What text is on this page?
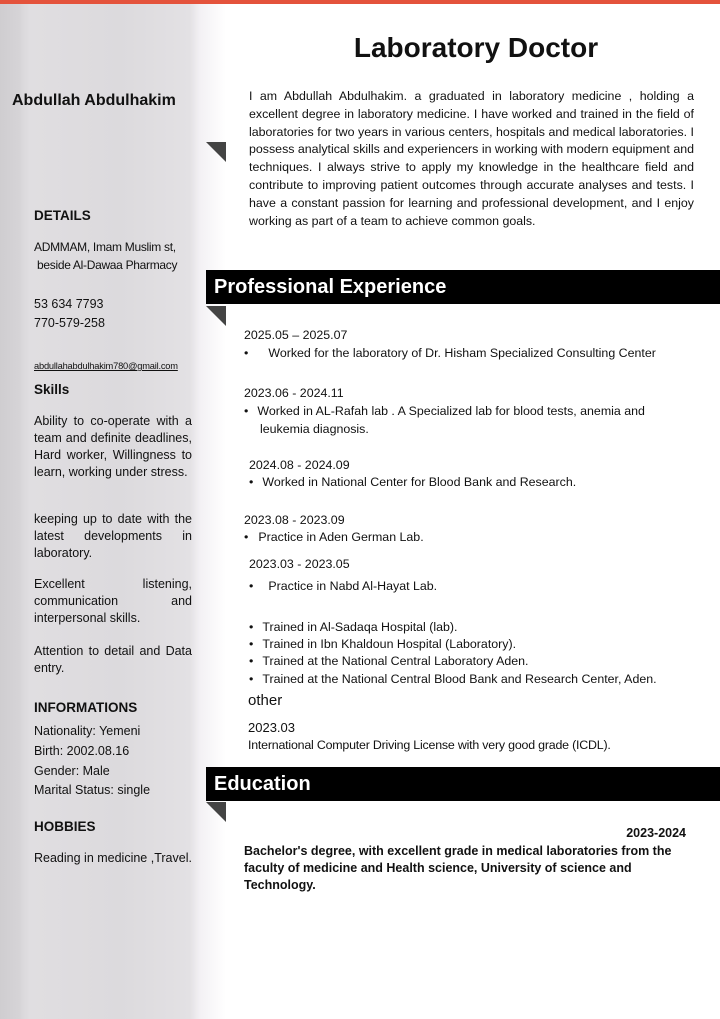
Abdullah Abdulhakim
DETAILS
ADMMAM, Imam Muslim st,
beside Al-Dawaa Pharmacy
53 634 7793
770-579-258
abdullahabdulhakim780@gmail.com
Skills
Ability to co-operate with a team and definite deadlines, Hard worker, Willingness to learn, working under stress.
keeping up to date with the latest developments in laboratory.
Excellent listening, communication and interpersonal skills.
Attention to detail and Data entry.
INFORMATIONS
Nationality: Yemeni
Birth: 2002.08.16
Gender: Male
Marital Status: single
HOBBIES
Reading in medicine ,Travel.
Laboratory Doctor
I am Abdullah Abdulhakim. a graduated in laboratory medicine , holding a excellent degree in laboratory medicine. I have worked and trained in the field of laboratories for two years in various centers, hospitals and medical laboratories. I possess analytical skills and experiencers in working with modern equipment and techniques. I always strive to apply my knowledge in the healthcare field and contribute to improving patient outcomes through accurate analyses and tests. I have a constant passion for learning and professional development, and I enjoy working as part of a team to achieve common goals.
Professional Experience
2025.05 – 2025.07
• Worked for the laboratory of Dr. Hisham Specialized Consulting Center
2023.06 - 2024.11
• Worked in AL-Rafah lab . A Specialized lab for blood tests, anemia and
leukemia diagnosis.
2024.08 - 2024.09
• Worked in National Center for Blood Bank and Research.
2023.08 - 2023.09
• Practice in Aden German Lab.
2023.03 - 2023.05
• Practice in Nabd Al-Hayat Lab.
• Trained in Al-Sadaqa Hospital (lab).
• Trained in Ibn Khaldoun Hospital (Laboratory).
• Trained at the National Central Laboratory Aden.
• Trained at the National Central Blood Bank and Research Center, Aden.
other
2023.03
International Computer Driving License with very good grade (ICDL).
Education
2023-2024
Bachelor's degree, with excellent grade in medical laboratories from the faculty of medicine and Health science, University of science and Technology.
